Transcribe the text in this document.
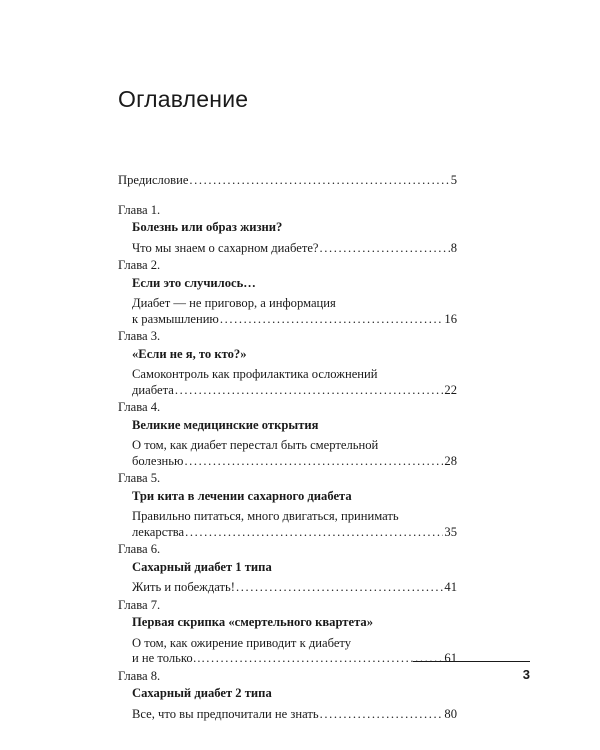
Оглавление
Предисловие .....	5
Глава 1.
Болезнь или образ жизни?
Что мы знаем о сахарном диабете? .....	8
Глава 2.
Если это случилось…
Диабет — не приговор, а информация
к размышлению .....	16
Глава 3.
«Если не я, то кто?»
Самоконтроль как профилактика осложнений
диабета .....	22
Глава 4.
Великие медицинские открытия
О том, как диабет перестал быть смертельной
болезнью .....	28
Глава 5.
Три кита в лечении сахарного диабета
Правильно питаться, много двигаться, принимать
лекарства .....	35
Глава 6.
Сахарный диабет 1 типа
Жить и побеждать! .....	41
Глава 7.
Первая скрипка «смертельного квартета»
О том, как ожирение приводит к диабету
и не только… .....	61
Глава 8.
Сахарный диабет 2 типа
Все, что вы предпочитали не знать .....	80
3
